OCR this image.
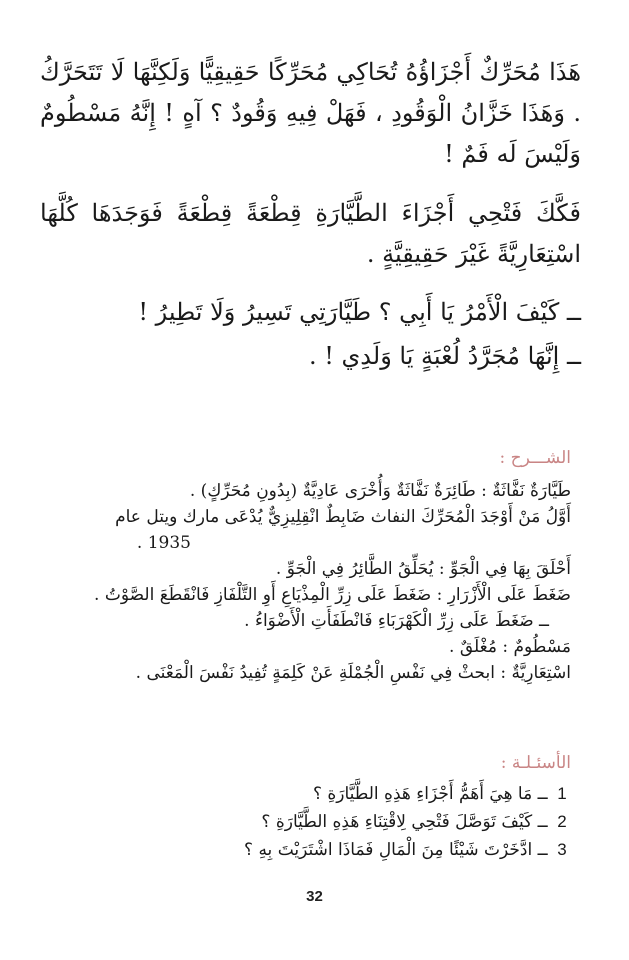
هَذَا مُحَرِّكٌ أَجْزَاؤُهُ تُحَاكِي مُحَرِّكًا حَقِيقِيًّا وَلَكِنَّهَا لَا تَتَحَرَّكُ . وَهَذَا خَزَّانُ الْوَقُودِ ، فَهَلْ فِيهِ وَقُودٌ ؟ آهٍ ! إِنَّهُ مَسْطُومٌ وَلَيْسَ لَه فَمٌ !

فَكَّكَ فَتْحِي أَجْزَاءَ الطَّيَّارَةِ قِطْعَةً قِطْعَةً فَوَجَدَهَا كُلَّهَا اسْتِعَارِيَّةً غَيْرَ حَقِيقِيَّةٍ .

ــ كَيْفَ الْأَمْرُ يَا أَبِي ؟ طَيَّارَتِي تَسِيرُ وَلَا تَطِيرُ !

ــ إِنَّهَا مُجَرَّدُ لُعْبَةٍ يَا وَلَدِي ! .

الشـــرح :

طَيَّارَةٌ نَفَّاثَةٌ : طَائِرَةٌ نَفَّاثَةٌ وَأُخْرَى عَادِيَّةٌ (بِدُونِ مُحَرِّكٍ) .

أَوَّلُ مَنْ أَوْجَدَ الْمُحَرِّكَ النفاث ضَابِطٌ انْقِلِيزِيٌّ يُدْعَى مارك ويتل عام

1935 .

أَحْلَقَ بِهَا فِي الْجَوِّ : يُحَلِّقُ الطَّائِرُ فِي الْجَوِّ .

ضَغَطَ عَلَى الْأَزْرَارِ : ضَغَطَ عَلَى زِرِّ الْمِذْيَاعِ أَوِ التَّلْفَازِ فَانْقَطَعَ الصَّوْتُ .

ــ ضَغَطَ عَلَى زِرِّ الْكَهْرَبَاءِ فَانْطَفَأَتِ الْأَضْوَاءُ .

مَسْطُومٌ : مُغْلَقٌ .

اسْتِعَارِيَّةٌ : ابحثْ فِي نَفْسِ الْجُمْلَةِ عَنْ كَلِمَةٍ تُفِيدُ نَفْسَ الْمَعْنَى .

الأسئـلـة :

1 ــ مَا هِيَ أَهَمُّ أَجْزَاءِ هَذِهِ الطَّيَّارَةِ ؟

2 ــ كَيْفَ تَوَصَّلَ فَتْحِي لِاقْتِنَاءِ هَذِهِ الطَّيَّارَةِ ؟

3 ــ ادَّخَرْتَ شَيْئًا مِنَ الْمَالِ فَمَاذَا اشْتَرَيْتَ بِهِ ؟

32
